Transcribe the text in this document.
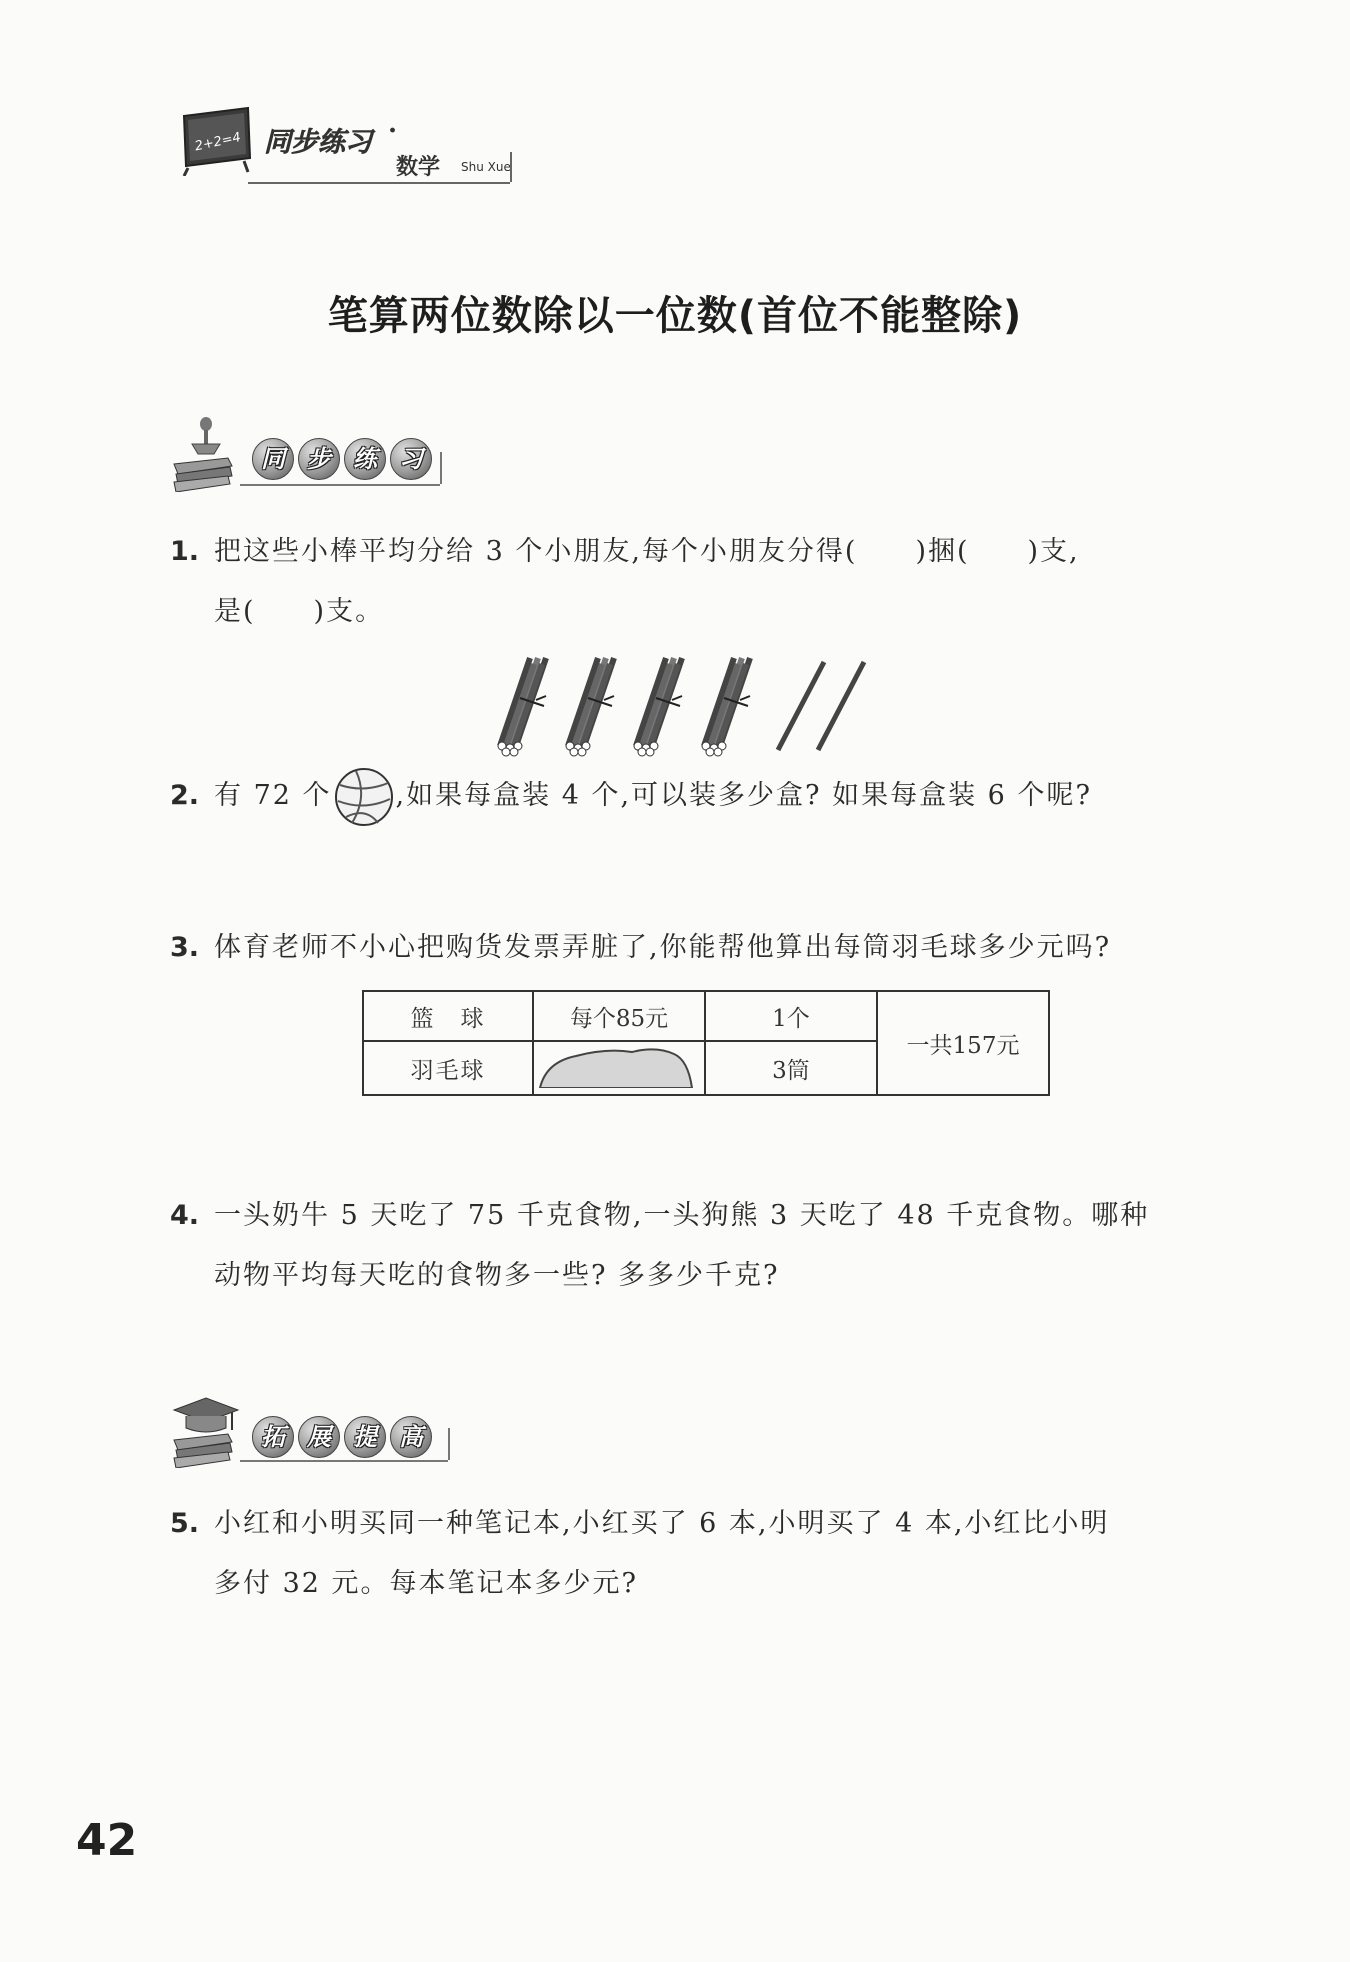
2+2=4 同步练习 ·
数学 Shu Xue
笔算两位数除以一位数(首位不能整除)
同 步 练 习
1. 把这些小棒平均分给 3 个小朋友,每个小朋友分得(　　)捆(　　)支,
是(　　)支。
2. 有 72 个 ,如果每盒装 4 个,可以装多少盒? 如果每盒装 6 个呢?
3. 体育老师不小心把购货发票弄脏了,你能帮他算出每筒羽毛球多少元吗?
篮　球	每个85元	1个	一共157元
羽毛球		3筒	
4. 一头奶牛 5 天吃了 75 千克食物,一头狗熊 3 天吃了 48 千克食物。哪种
动物平均每天吃的食物多一些? 多多少千克?
拓 展 提 高
5. 小红和小明买同一种笔记本,小红买了 6 本,小明买了 4 本,小红比小明
多付 32 元。每本笔记本多少元?
42
